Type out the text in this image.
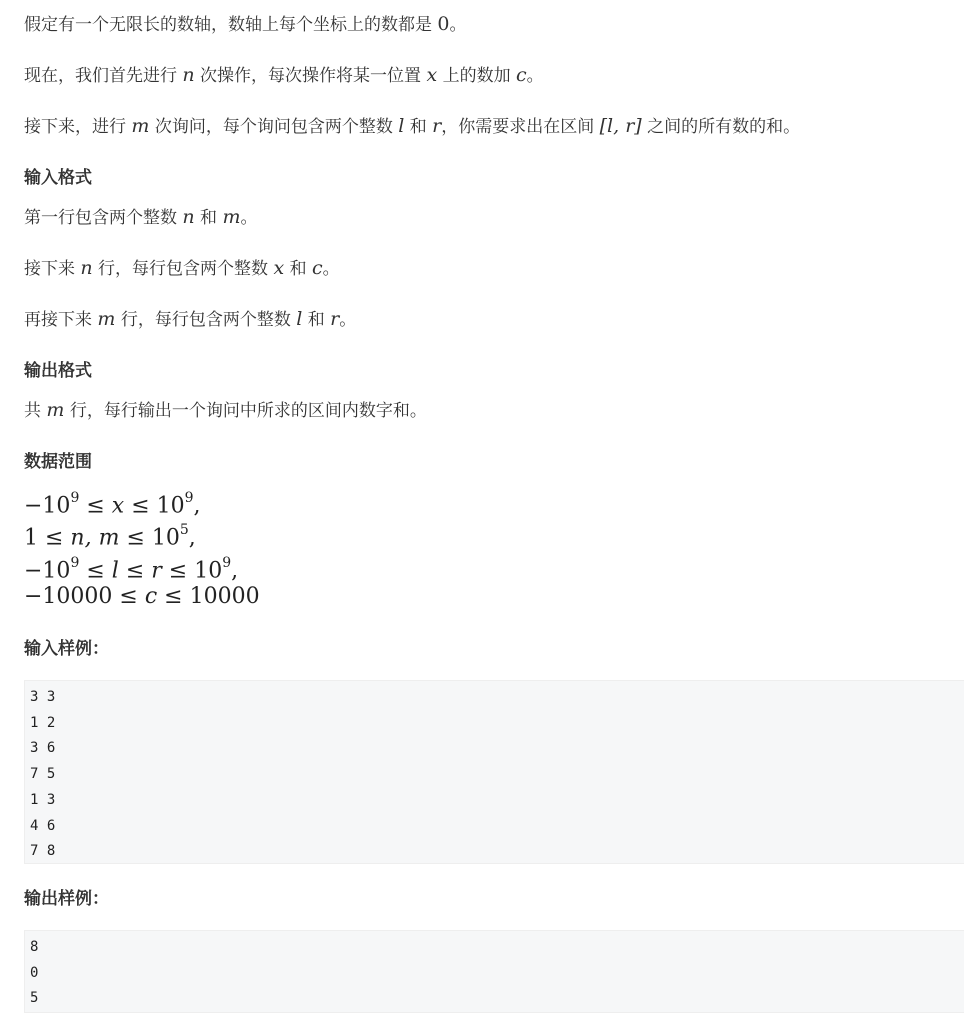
假定有一个无限长的数轴，数轴上每个坐标上的数都是 0。
现在，我们首先进行 n 次操作，每次操作将某一位置 x 上的数加 c。
接下来，进行 m 次询问，每个询问包含两个整数 l 和 r，你需要求出在区间 [l, r] 之间的所有数的和。
输入格式
第一行包含两个整数 n 和 m。
接下来 n 行，每行包含两个整数 x 和 c。
再接下来 m 行，每行包含两个整数 l 和 r。
输出格式
共 m 行，每行输出一个询问中所求的区间内数字和。
数据范围
$-10^9 \le x \le 10^9$,
1 ≤ n, $m \le 10^5$,
$-10^9 \le l \le r \le 10^9$,
−10000 ≤ c ≤ 10000
输入样例：
3 3
1 2
3 6
7 5
1 3
4 6
7 8
输出样例：
8
0
5
